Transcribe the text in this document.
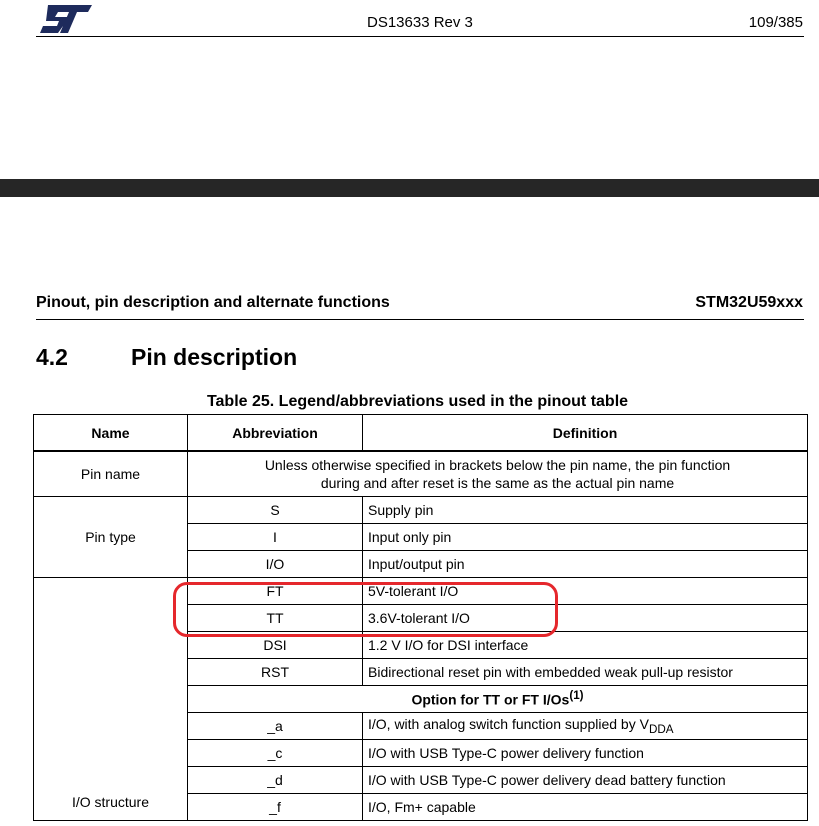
DS13633 Rev 3	109/385
Pinout, pin description and alternate functions	STM32U59xxx
4.2	Pin description
Table 25. Legend/abbreviations used in the pinout table
Name	Abbreviation	Definition
Pin name	Unless otherwise specified in brackets below the pin name, the pin function
during and after reset is the same as the actual pin name	

Pin type	S	Supply pin
	I	Input only pin
	I/O	Input/output pin
I/O structure	FT	5V-tolerant I/O
	TT	3.6V-tolerant I/O
	DSI	1.2 V I/O for DSI interface
	RST	Bidirectional reset pin with embedded weak pull-up resistor
	Option for TT or FT I/Os$^{(1)}$
	_a	I/O, with analog switch function supplied by $V_{DDA}$
	_c	I/O with USB Type-C power delivery function
	_d	I/O with USB Type-C power delivery dead battery function
	_f	I/O, Fm+ capable
